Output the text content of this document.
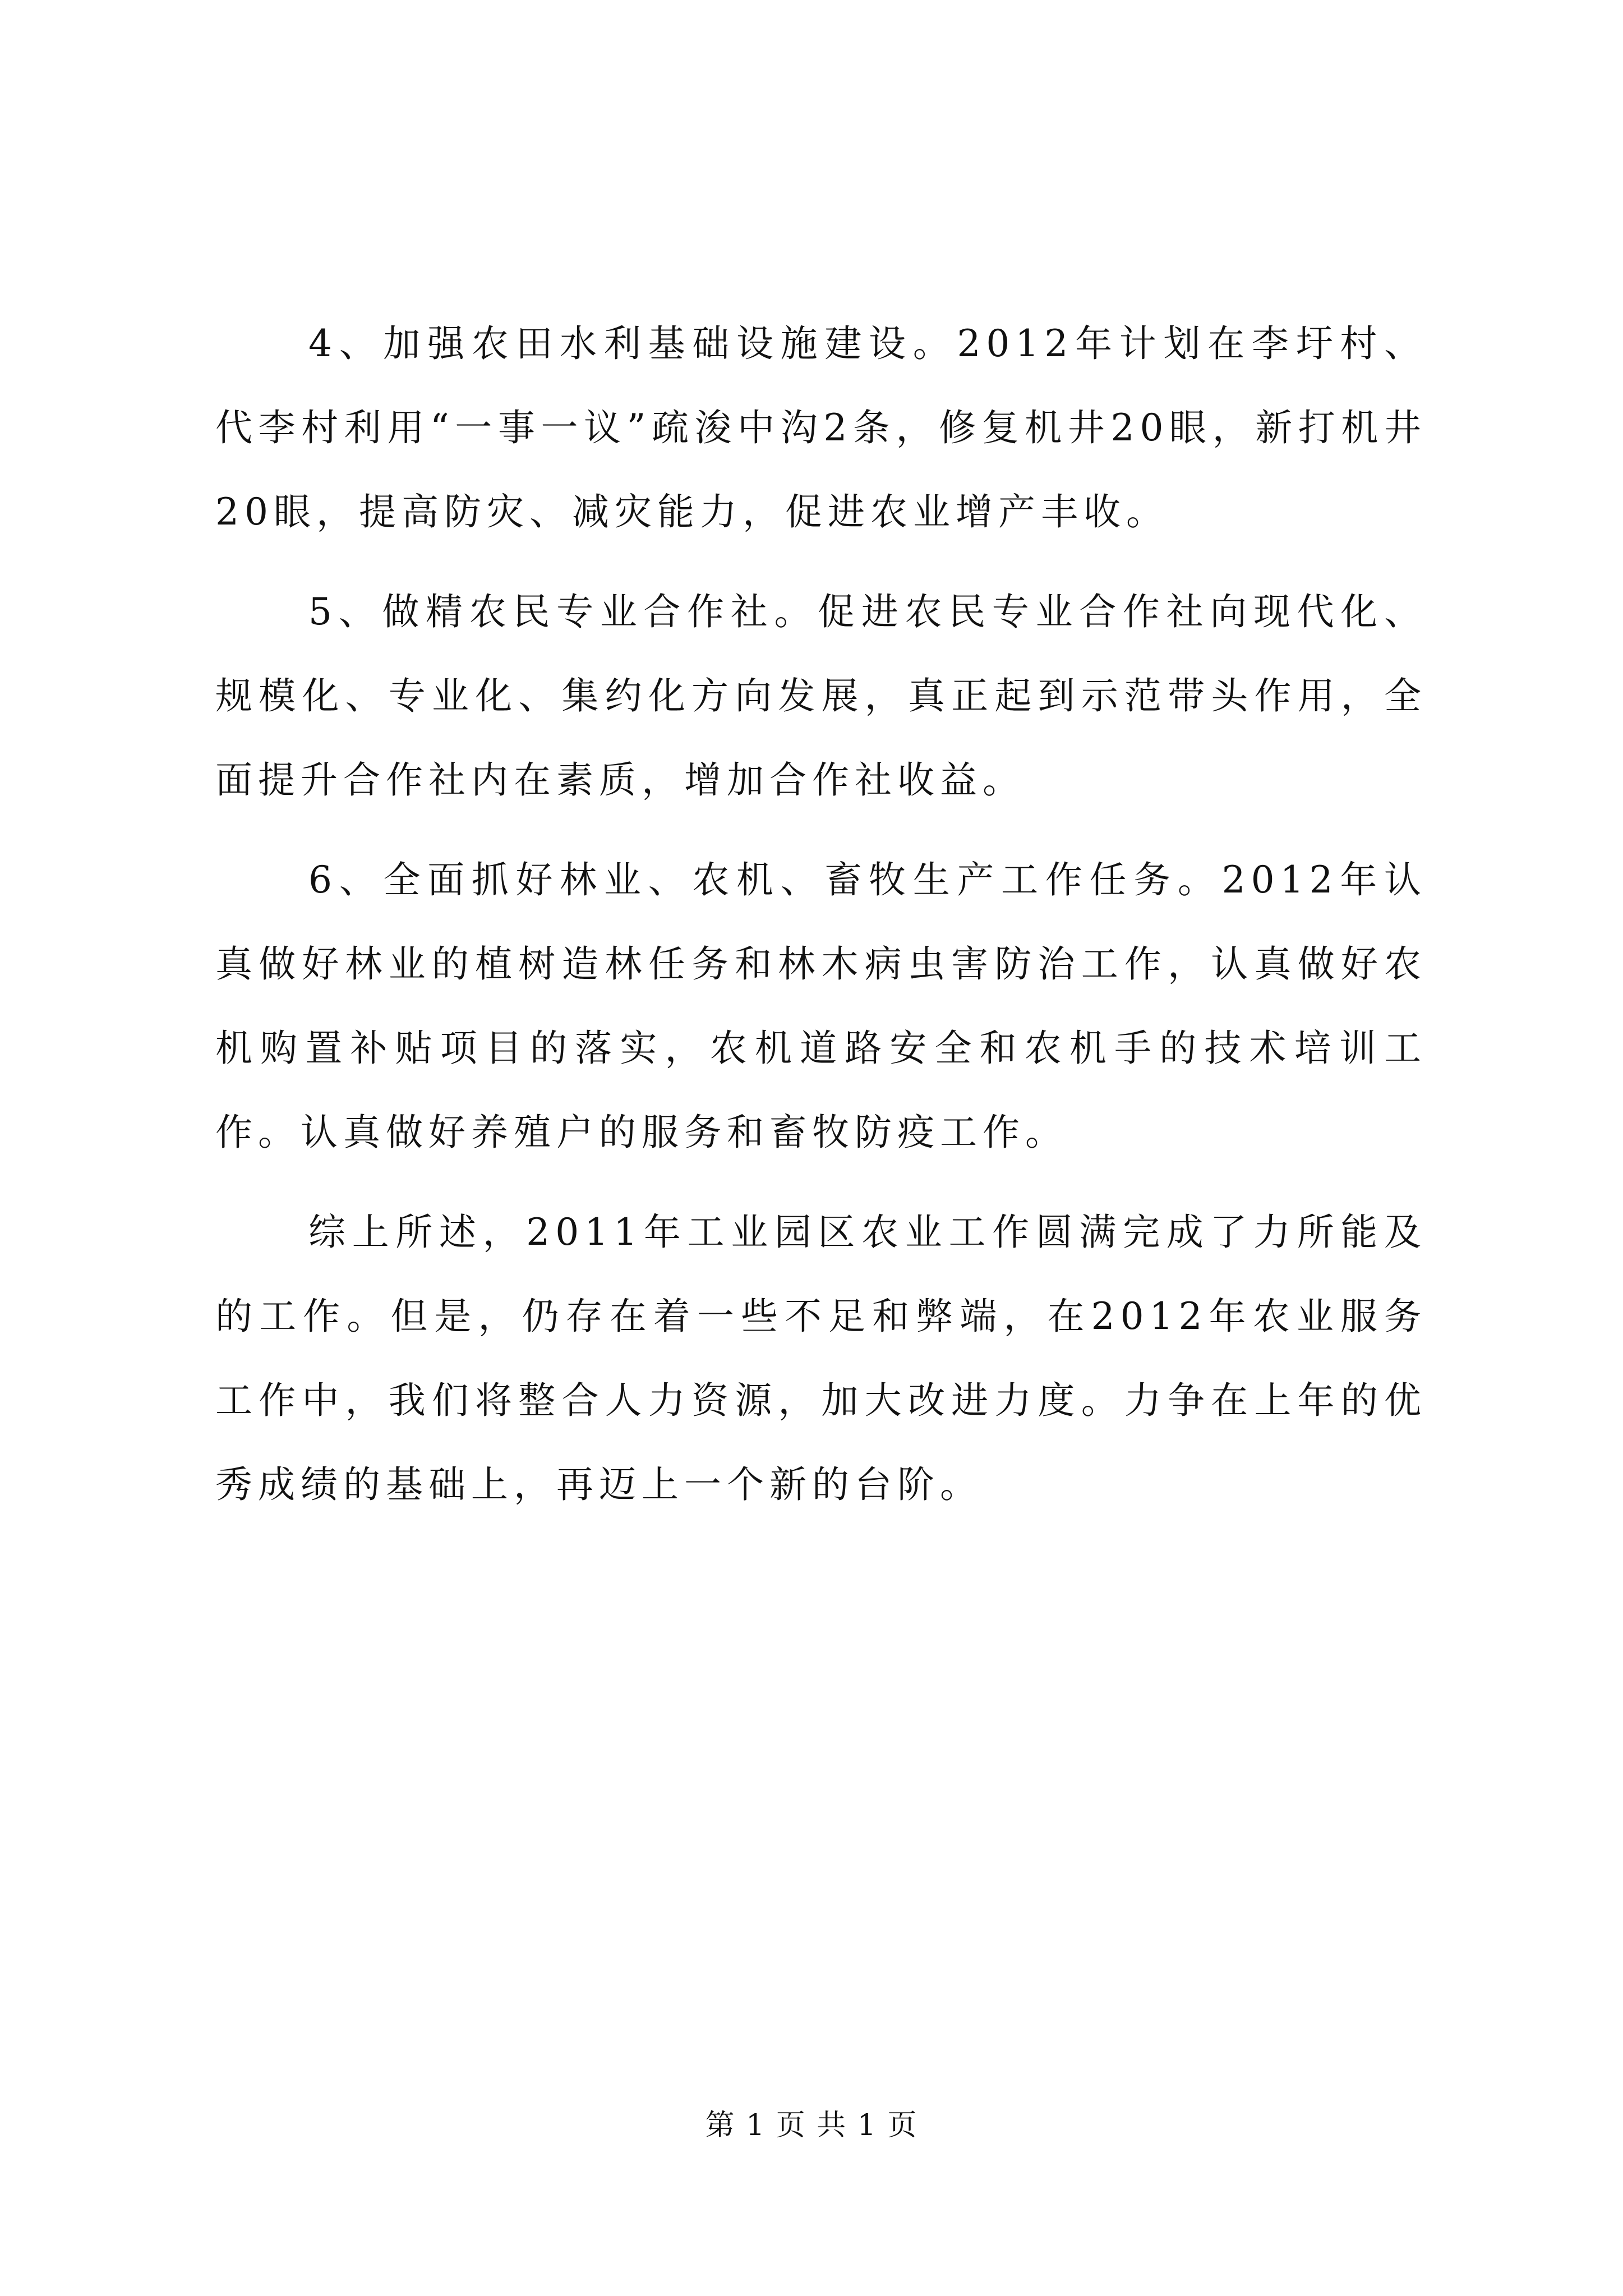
4、加强农田水利基础设施建设。2012年计划在李圩村、代李村利用“一事一议”疏浚中沟2条，修复机井20眼，新打机井20眼，提高防灾、减灾能力，促进农业增产丰收。

5、做精农民专业合作社。促进农民专业合作社向现代化、规模化、专业化、集约化方向发展，真正起到示范带头作用，全面提升合作社内在素质，增加合作社收益。

6、全面抓好林业、农机、畜牧生产工作任务。2012年认真做好林业的植树造林任务和林木病虫害防治工作，认真做好农机购置补贴项目的落实，农机道路安全和农机手的技术培训工作。认真做好养殖户的服务和畜牧防疫工作。

综上所述，2011年工业园区农业工作圆满完成了力所能及的工作。但是，仍存在着一些不足和弊端，在2012年农业服务工作中，我们将整合人力资源，加大改进力度。力争在上年的优秀成绩的基础上，再迈上一个新的台阶。

第 1 页 共 1 页
